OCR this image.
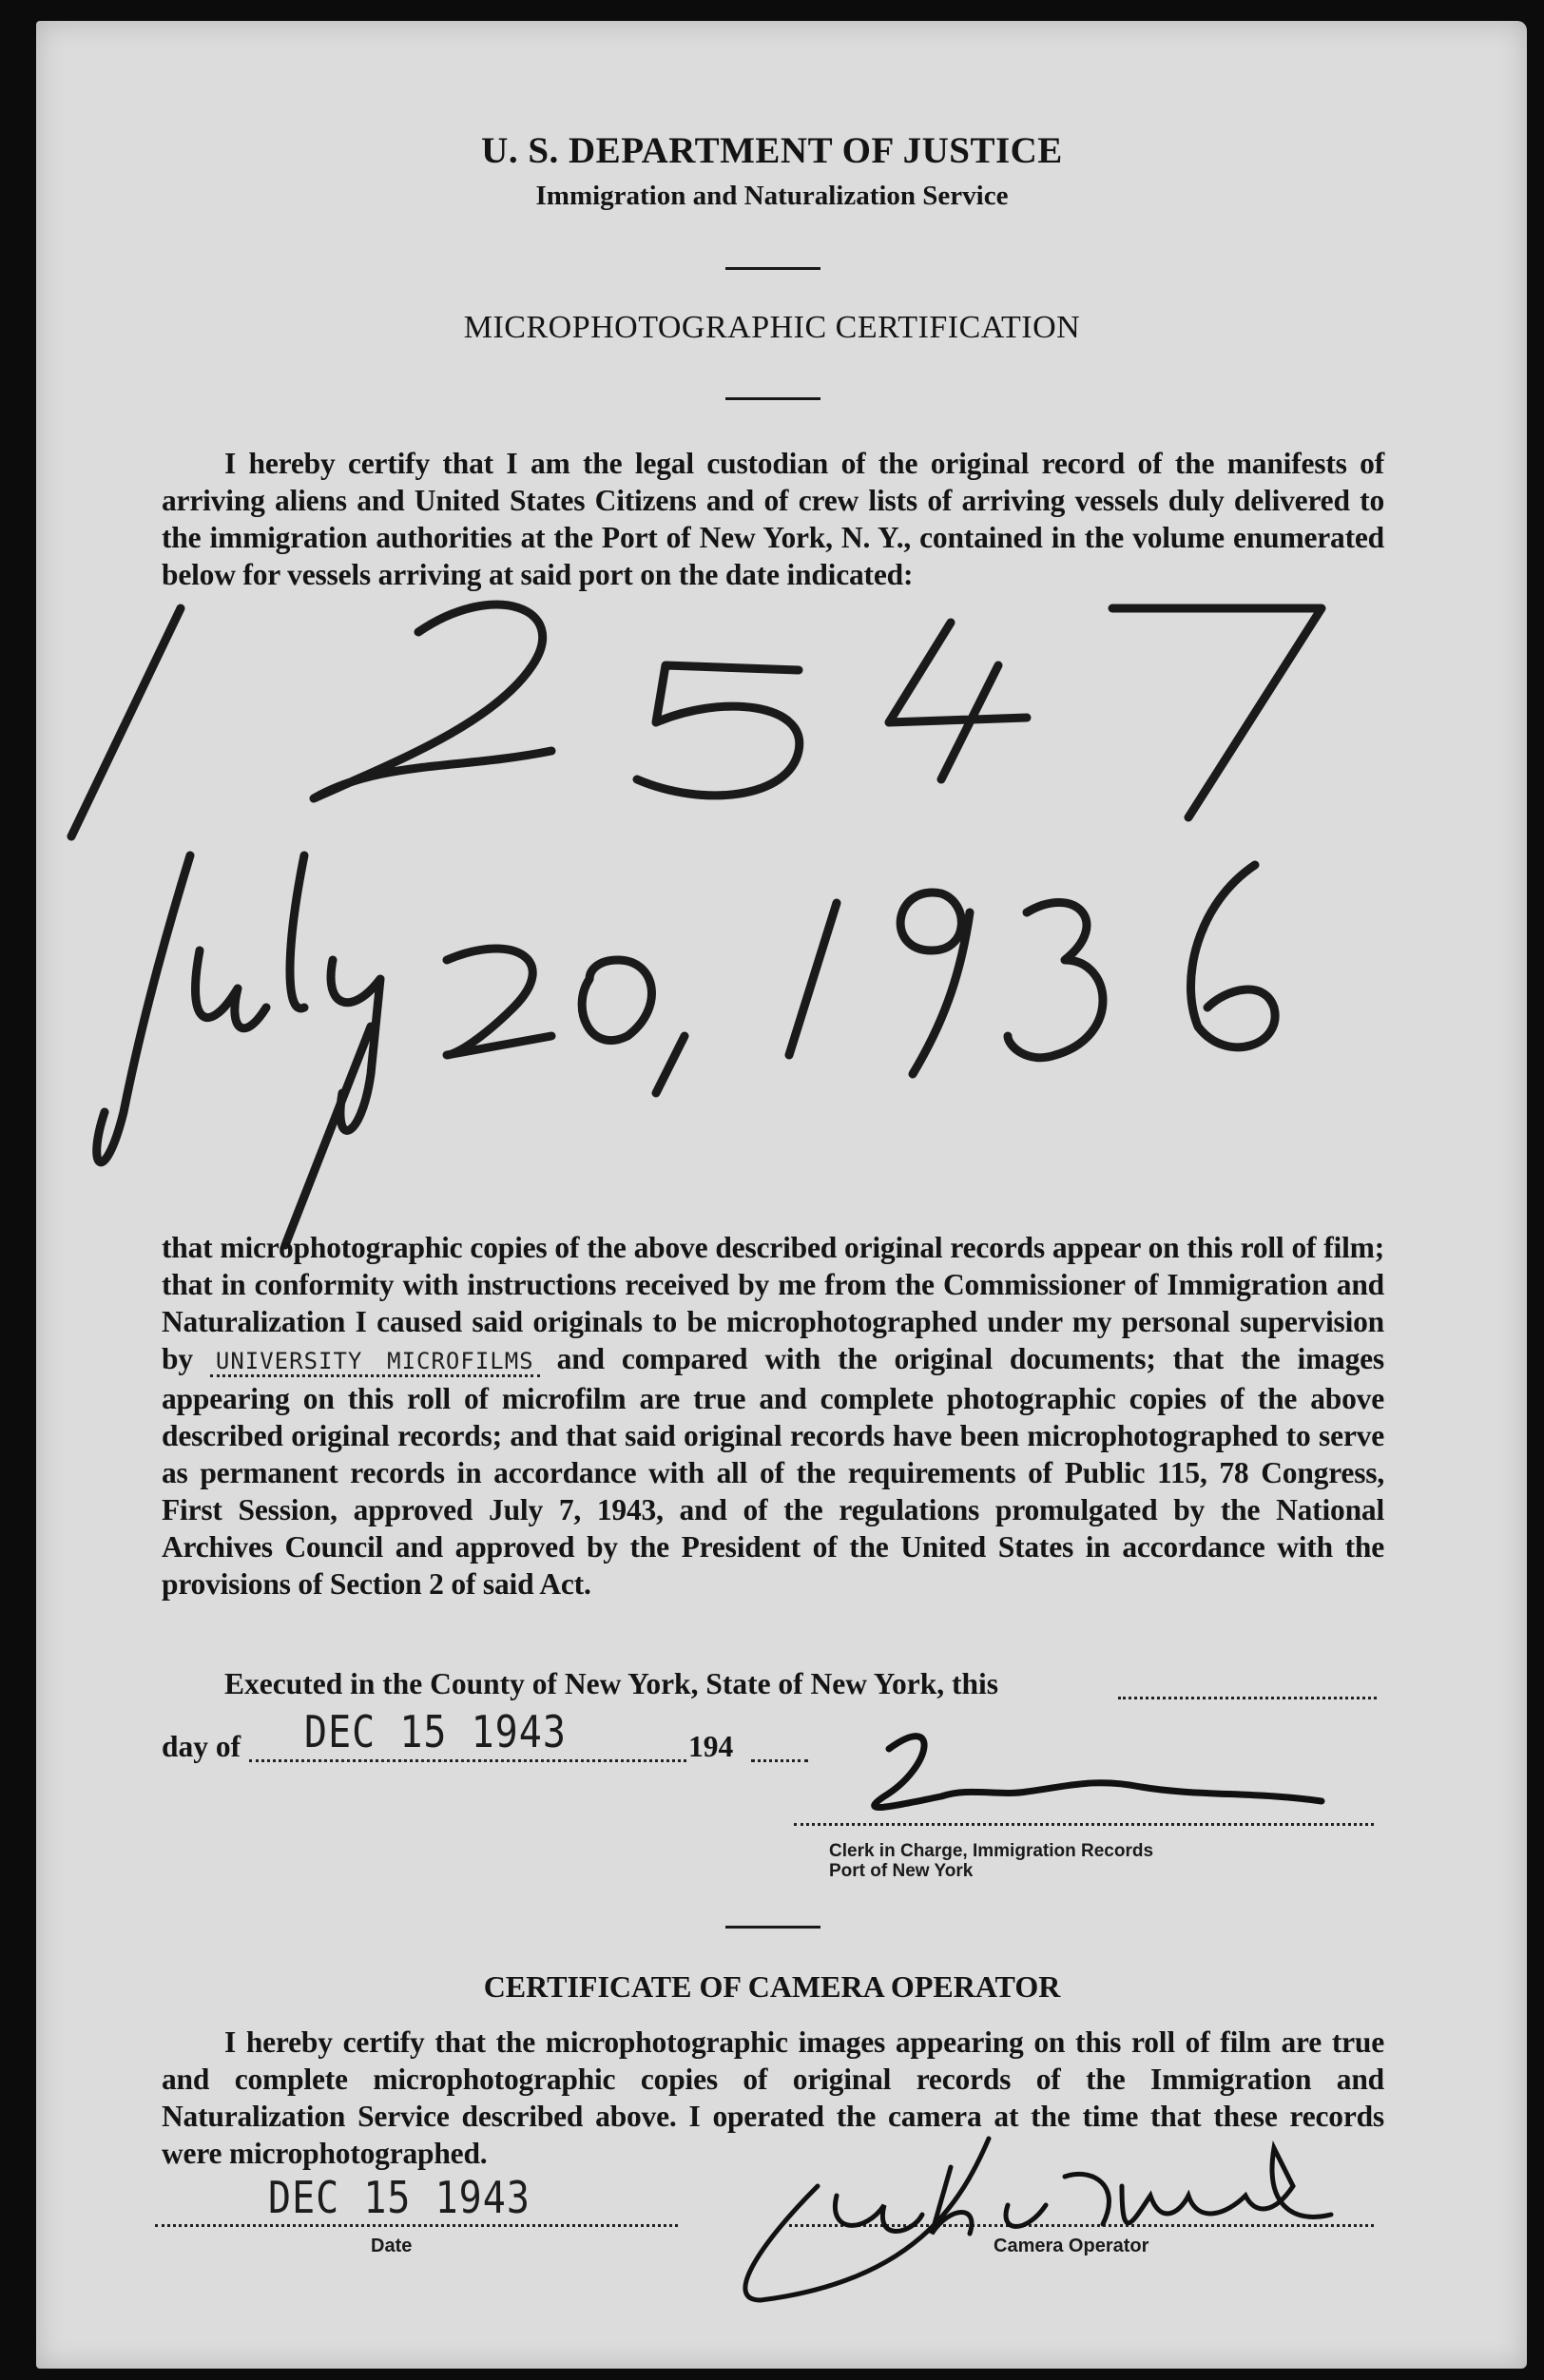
U. S. DEPARTMENT OF JUSTICE
Immigration and Naturalization Service
MICROPHOTOGRAPHIC CERTIFICATION
I hereby certify that I am the legal custodian of the original record of the manifests of arriving aliens and United States Citizens and of crew lists of arriving vessels duly delivered to the immigration authorities at the Port of New York, N. Y., contained in the volume enumerated below for vessels arriving at said port on the date indicated:
that microphotographic copies of the above described original records appear on this roll of film; that in conformity with instructions received by me from the Commissioner of Immigration and Naturalization I caused said originals to be microphotographed under my personal supervision by UNIVERSITY MICROFILMS and compared with the original documents; that the images appearing on this roll of microfilm are true and complete photographic copies of the above described original records; and that said original records have been microphotographed to serve as permanent records in accordance with all of the requirements of Public 115, 78 Congress, First Session, approved July 7, 1943, and of the regulations promulgated by the National Archives Council and approved by the President of the United States in accordance with the provisions of Section 2 of said Act.
Executed in the County of New York, State of New York, this
day of DEC 15 1943	194
Clerk in Charge, Immigration Records
Port of New York
CERTIFICATE OF CAMERA OPERATOR
I hereby certify that the microphotographic images appearing on this roll of film are true and complete microphotographic copies of original records of the Immigration and Naturalization Service described above. I operated the camera at the time that these records were microphotographed.
DEC 15 1943
Date	Camera Operator
